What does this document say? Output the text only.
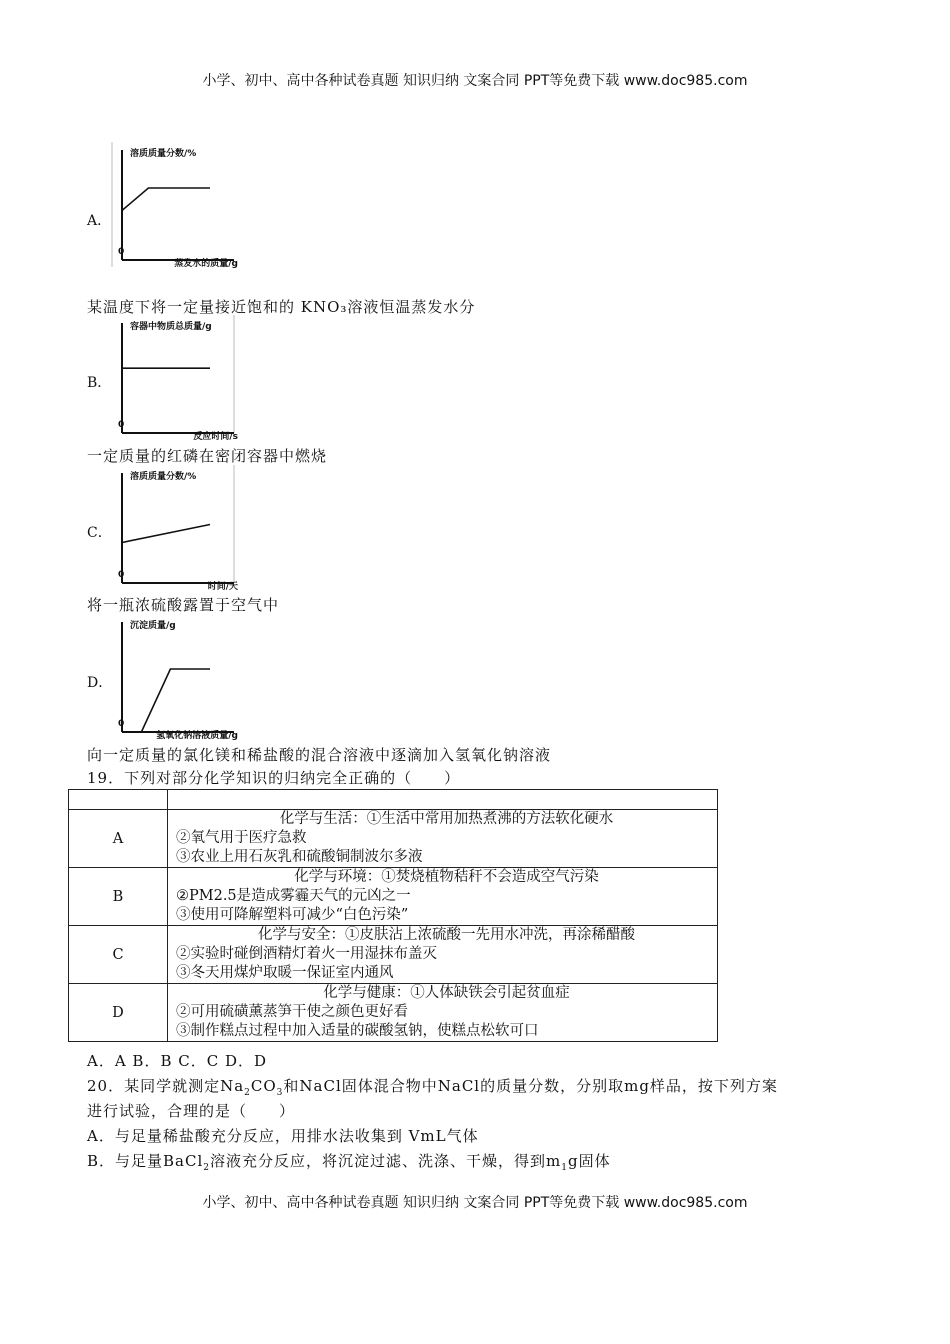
小学、初中、高中各种试卷真题 知识归纳 文案合同 PPT等免费下载 www.doc985.com
溶质质量分数/%
蒸发水的质量/g
0
A．
某温度下将一定量接近饱和的 KNO₃溶液恒温蒸发水分
容器中物质总质量/g
反应时间/s
0
B．
一定质量的红磷在密闭容器中燃烧
溶质质量分数/%
时间/天
0
C．
将一瓶浓硫酸露置于空气中
沉淀质量/g
氢氧化钠溶液质量/g
0
D．
向一定质量的氯化镁和稀盐酸的混合溶液中逐滴加入氢氧化钠溶液
19．下列对部分化学知识的归纳完全正确的（　　）

A	化学与生活：①生活中常用加热煮沸的方法软化硬水
②氧气用于医疗急救
③农业上用石灰乳和硫酸铜制波尔多液

B	化学与环境：①焚烧植物秸秆不会造成空气污染
②PM2.5是造成雾霾天气的元凶之一
③使用可降解塑料可减少“白色污染”

C	化学与安全：①皮肤沾上浓硫酸一先用水冲洗，再涂稀醋酸
②实验时碰倒酒精灯着火一用湿抹布盖灭
③冬天用煤炉取暖一保证室内通风

D	化学与健康：①人体缺铁会引起贫血症
②可用硫磺薰蒸笋干使之颜色更好看
③制作糕点过程中加入适量的碳酸氢钠，使糕点松软可口
A．A B．B C．C D．D
20．某同学就测定$Na_2CO_3$和NaCl固体混合物中NaCl的质量分数，分别取mg样品，按下列方案
进行试验，合理的是（　　）
A．与足量稀盐酸充分反应，用排水法收集到 VmL气体
B．与足量BaCl$_2$溶液充分反应，将沉淀过滤、洗涤、干燥，得到$m_1g$固体
小学、初中、高中各种试卷真题 知识归纳 文案合同 PPT等免费下载 www.doc985.com
